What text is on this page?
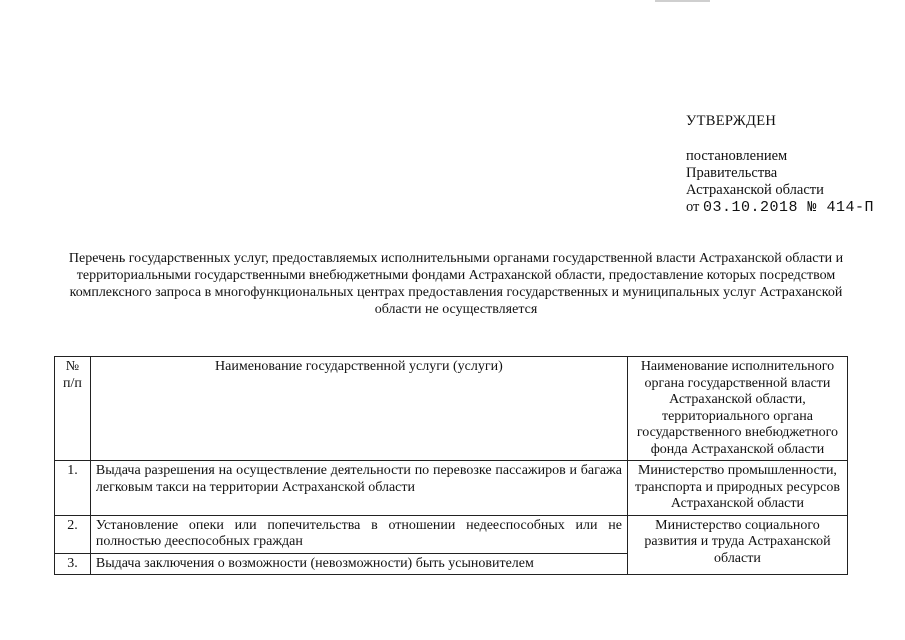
УТВЕРЖДЕН
постановлением
Правительства
Астраханской области
от 03.10.2018 № 414-П
Перечень государственных услуг, предоставляемых исполнительными органами государственной власти Астраханской области и территориальными государственными внебюджетными фондами Астраханской области, предоставление которых посредством комплексного запроса в многофункциональных центрах предоставления государственных и муниципальных услуг Астраханской области не осуществляется
№ п/п	Наименование государственной услуги (услуги)	Наименование исполнительного органа государственной власти Астраханской области, территориального органа государственного внебюджетного фонда Астраханской области
1.	Выдача разрешения на осуществление деятельности по перевозке пассажиров и багажа легковым такси на территории Астраханской области	Министерство промышленности, транспорта и природных ресурсов Астраханской области
2.	Установление опеки или попечительства в отношении недееспособных или не полностью дееспособных граждан	Министерство социального развития и труда Астраханской области
3.	Выдача заключения о возможности (невозможности) быть усыновителем	
